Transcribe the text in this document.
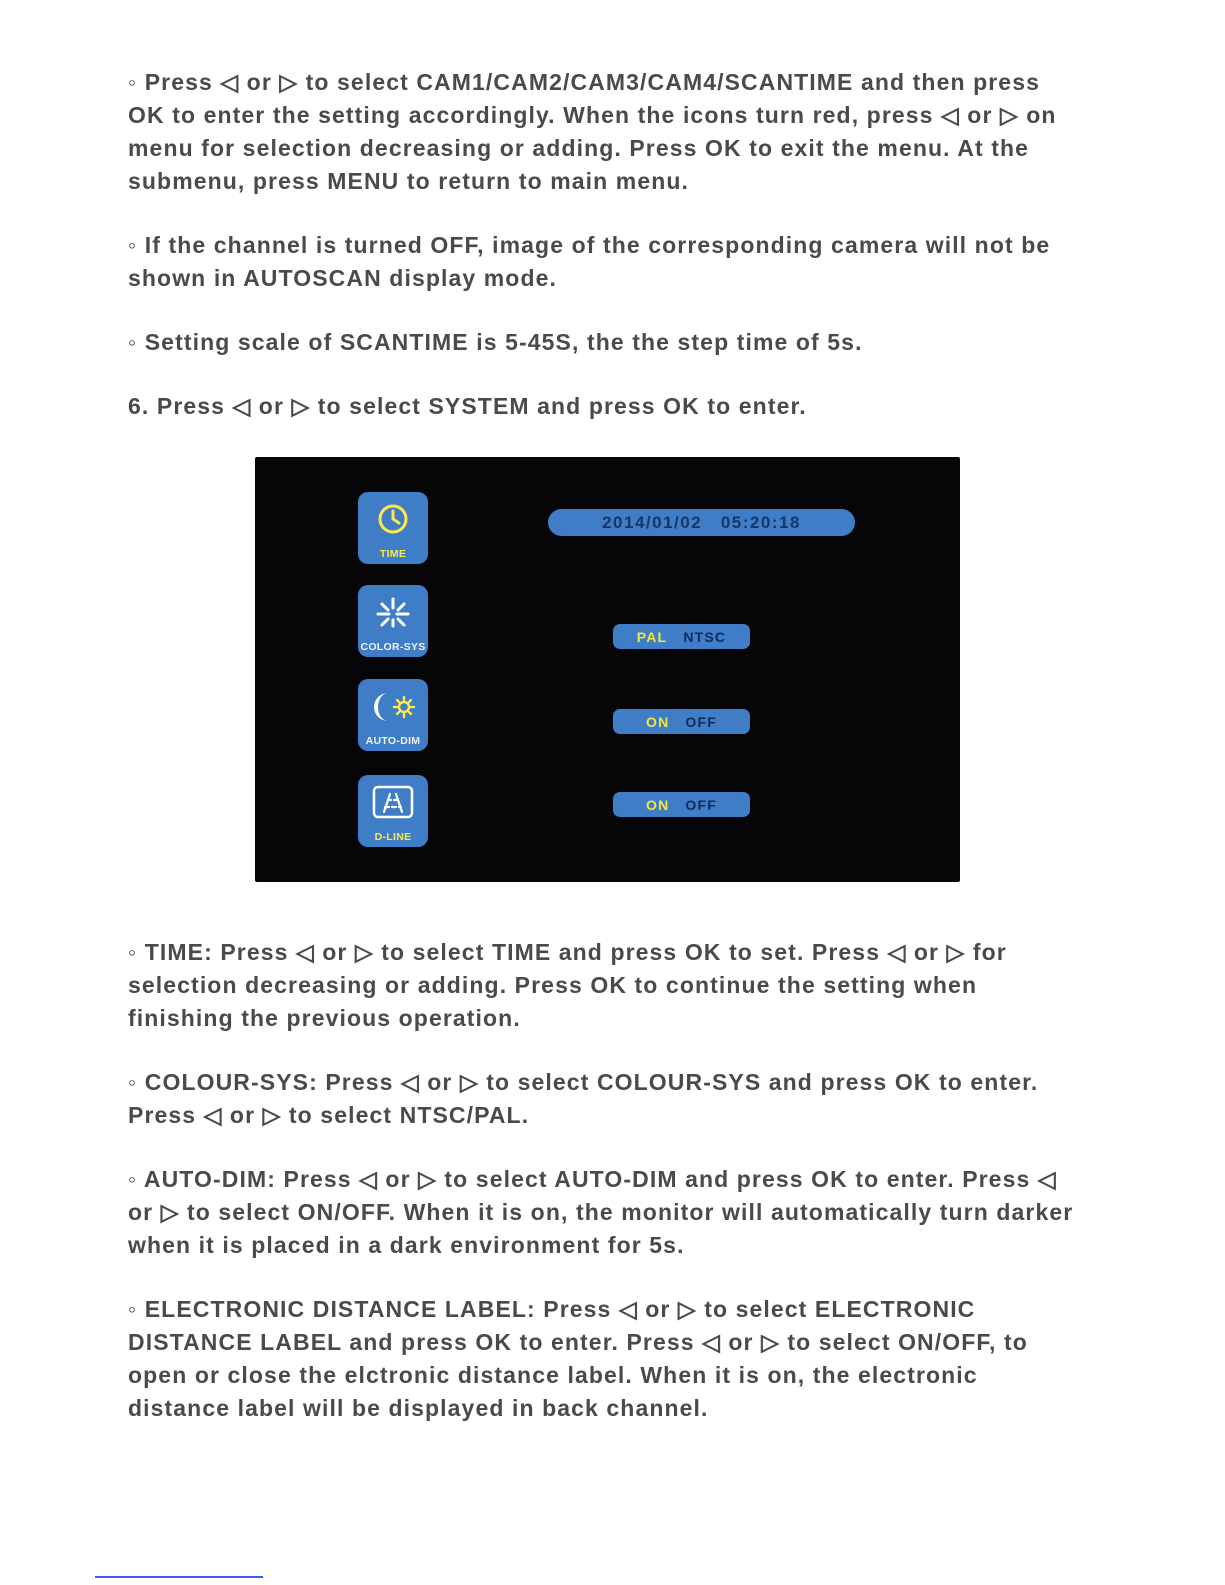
◦ Press ◁ or ▷ to select CAM1/CAM2/CAM3/CAM4/SCANTIME and then press OK to enter the setting accordingly. When the icons turn red, press ◁ or ▷ on menu for selection decreasing or adding. Press OK to exit the menu. At the submenu, press MENU to return to main menu.

◦ If the channel is turned OFF, image of the corresponding camera will not be shown in AUTOSCAN display mode.

◦ Setting scale of SCANTIME is 5-45S, the the step time of 5s.

6. Press ◁ or ▷ to select SYSTEM and press OK to enter.

TIME
COLOR-SYS
AUTO-DIM
D-LINE
2014/01/02   05:20:18
PAL NTSC
ON OFF
ON OFF

◦ TIME: Press ◁ or ▷ to select TIME and press OK to set. Press ◁ or ▷ for selection decreasing or adding. Press OK to continue the setting when finishing the previous operation.

◦ COLOUR-SYS: Press ◁ or ▷ to select COLOUR-SYS and press OK to enter. Press ◁ or ▷ to select NTSC/PAL.

◦ AUTO-DIM: Press ◁ or ▷ to select AUTO-DIM and press OK to enter. Press ◁ or ▷ to select ON/OFF. When it is on, the monitor will automatically turn darker when it is placed in a dark environment for 5s.

◦ ELECTRONIC DISTANCE LABEL: Press ◁ or ▷ to select ELECTRONIC DISTANCE LABEL and press OK to enter. Press ◁ or ▷ to select ON/OFF, to open or close the elctronic distance label. When it is on, the electronic distance label will be displayed in back channel.
